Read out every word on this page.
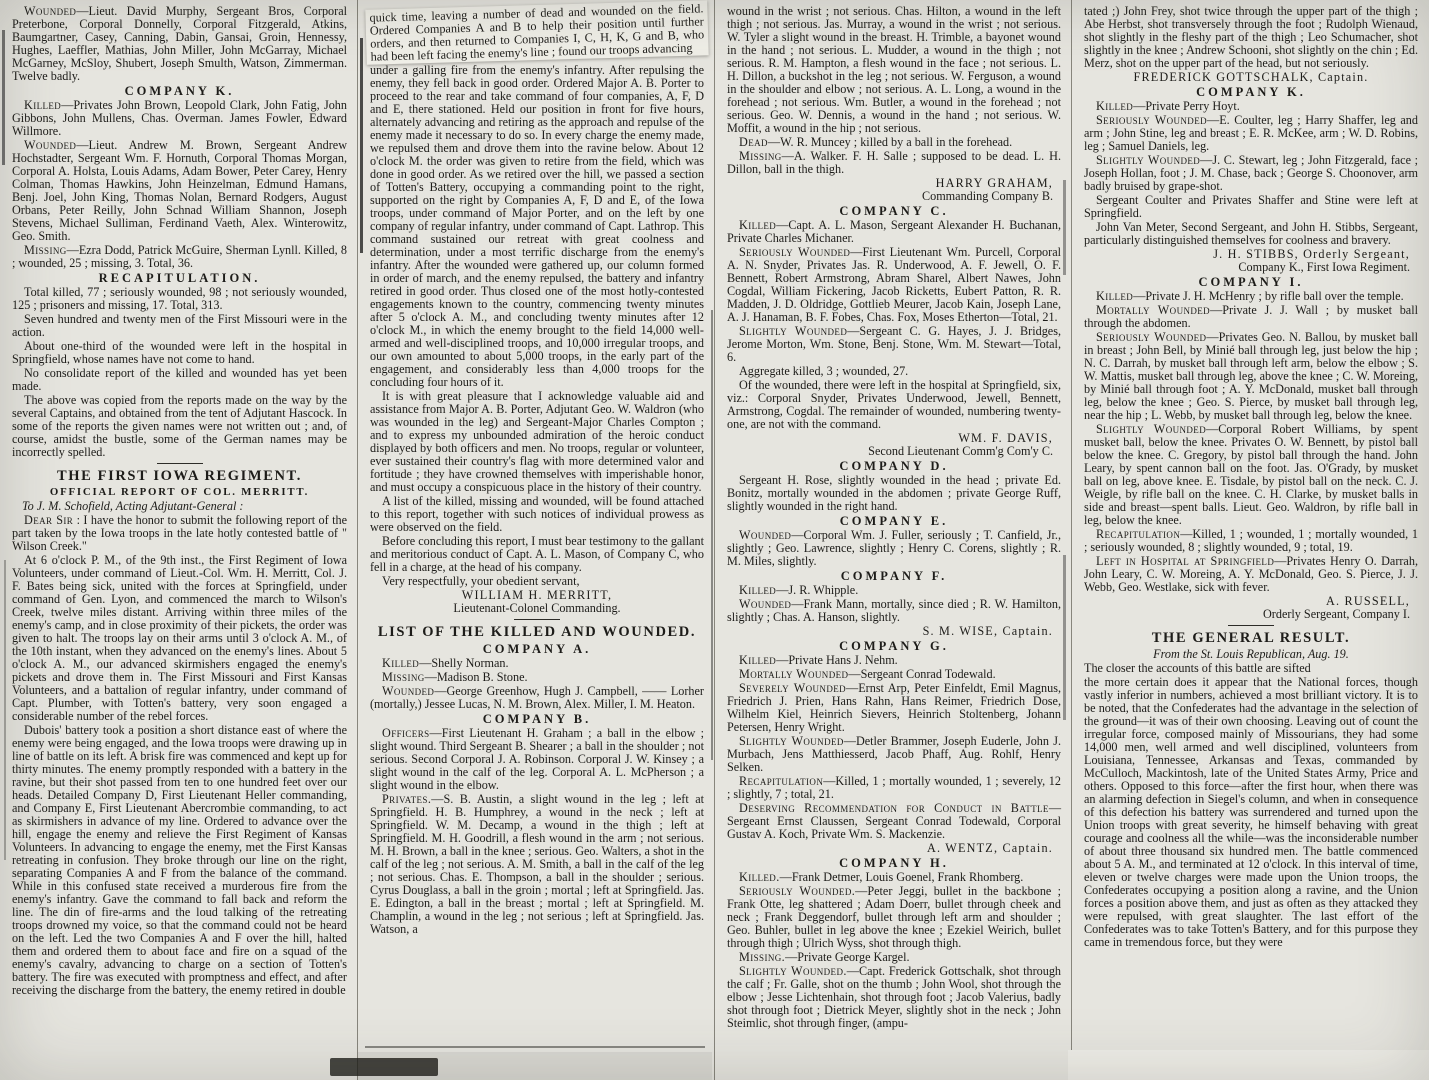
Wounded—Lieut. David Murphy, Sergeant Bros, Corporal Preterbone, Corporal Donnelly, Corporal Fitzgerald, Atkins, Baumgartner, Casey, Canning, Dabin, Gansai, Groin, Hennessy, Hughes, Laeffler, Mathias, John Miller, John McGarray, Michael McGarney, McSloy, Shubert, Joseph Smulth, Watson, Zimmerman. Twelve badly.
COMPANY K.
Killed—Privates John Brown, Leopold Clark, John Fatig, John Gibbons, John Mullens, Chas. Overman. James Fowler, Edward Willmore.
Wounded—Lieut. Andrew M. Brown, Sergeant Andrew Hochstadter, Sergeant Wm. F. Hornuth, Corporal Thomas Morgan, Corporal A. Holsta, Louis Adams, Adam Bower, Peter Carey, Henry Colman, Thomas Hawkins, John Heinzelman, Edmund Hamans, Benj. Joel, John King, Thomas Nolan, Bernard Rodgers, August Orbans, Peter Reilly, John Schnad William Shannon, Joseph Stevens, Michael Sulliman, Ferdinand Vaeth, Alex. Winterowitz, Geo. Smith.
Missing—Ezra Dodd, Patrick McGuire, Sherman Lynll. Killed, 8 ; wounded, 25 ; missing, 3. Total, 36.
RECAPITULATION.
Total killed, 77 ; seriously wounded, 98 ; not seriously wounded, 125 ; prisoners and missing, 17. Total, 313.
Seven hundred and twenty men of the First Missouri were in the action.
About one-third of the wounded were left in the hospital in Springfield, whose names have not come to hand.
No consolidate report of the killed and wounded has yet been made.
The above was copied from the reports made on the way by the several Captains, and obtained from the tent of Adjutant Hascock. In some of the reports the given names were not written out ; and, of course, amidst the bustle, some of the German names may be incorrectly spelled.
THE FIRST IOWA REGIMENT.
OFFICIAL REPORT OF COL. MERRITT.
To J. M. Schofield, Acting Adjutant-General :
Dear Sir : I have the honor to submit the following report of the part taken by the Iowa troops in the late hotly contested battle of " Wilson Creek."
At 6 o'clock P. M., of the 9th inst., the First Regiment of Iowa Volunteers, under command of Lieut.-Col. Wm. H. Merritt, Col. J. F. Bates being sick, united with the forces at Springfield, under command of Gen. Lyon, and commenced the march to Wilson's Creek, twelve miles distant. Arriving within three miles of the enemy's camp, and in close proximity of their pickets, the order was given to halt. The troops lay on their arms until 3 o'clock A. M., of the 10th instant, when they advanced on the enemy's lines. About 5 o'clock A. M., our advanced skirmishers engaged the enemy's pickets and drove them in. The First Missouri and First Kansas Volunteers, and a battalion of regular infantry, under command of Capt. Plumber, with Totten's battery, very soon engaged a considerable number of the rebel forces.
Dubois' battery took a position a short distance east of where the enemy were being engaged, and the Iowa troops were drawing up in line of battle on its left. A brisk fire was commenced and kept up for thirty minutes. The enemy promptly responded with a battery in the ravine, but their shot passed from ten to one hundred feet over our heads. Detailed Company D, First Lieutenant Heller commanding, and Company E, First Lieutenant Abercrombie commanding, to act as skirmishers in advance of my line. Ordered to advance over the hill, engage the enemy and relieve the First Regiment of Kansas Volunteers. In advancing to engage the enemy, met the First Kansas retreating in confusion. They broke through our line on the right, separating Companies A and F from the balance of the command. While in this confused state received a murderous fire from the enemy's infantry. Gave the command to fall back and reform the line. The din of fire-arms and the loud talking of the retreating troops drowned my voice, so that the command could not be heard on the left. Led the two Companies A and F over the hill, halted them and ordered them to about face and fire on a squad of the enemy's cavalry, advancing to charge on a section of Totten's battery. The fire was executed with promptness and effect, and after receiving the discharge from the battery, the enemy retired in double
quick time, leaving a number of dead and wounded on the field. Ordered Companies A and B to help their position until further orders, and then returned to Companies I, C, H, K, G and B, who had been left facing the enemy's line ; found our troops advancing
under a galling fire from the enemy's infantry. After repulsing the enemy, they fell back in good order. Ordered Major A. B. Porter to proceed to the rear and take command of four companies, A, F, D and E, there stationed. Held our position in front for five hours, alternately advancing and retiring as the approach and repulse of the enemy made it necessary to do so. In every charge the enemy made, we repulsed them and drove them into the ravine below. About 12 o'clock M. the order was given to retire from the field, which was done in good order. As we retired over the hill, we passed a section of Totten's Battery, occupying a commanding point to the right, supported on the right by Companies A, F, D and E, of the Iowa troops, under command of Major Porter, and on the left by one company of regular infantry, under command of Capt. Lathrop. This command sustained our retreat with great coolness and determination, under a most terrific discharge from the enemy's infantry. After the wounded were gathered up, our column formed in order of march, and the enemy repulsed, the battery and infantry retired in good order. Thus closed one of the most hotly-contested engagements known to the country, commencing twenty minutes after 5 o'clock A. M., and concluding twenty minutes after 12 o'clock M., in which the enemy brought to the field 14,000 well-armed and well-disciplined troops, and 10,000 irregular troops, and our own amounted to about 5,000 troops, in the early part of the engagement, and considerably less than 4,000 troops for the concluding four hours of it.
It is with great pleasure that I acknowledge valuable aid and assistance from Major A. B. Porter, Adjutant Geo. W. Waldron (who was wounded in the leg) and Sergeant-Major Charles Compton ; and to express my unbounded admiration of the heroic conduct displayed by both officers and men. No troops, regular or volunteer, ever sustained their country's flag with more determined valor and fortitude ; they have crowned themselves with imperishable honor, and must occupy a conspicuous place in the history of their country.
A list of the killed, missing and wounded, will be found attached to this report, together with such notices of individual prowess as were observed on the field.
Before concluding this report, I must bear testimony to the gallant and meritorious conduct of Capt. A. L. Mason, of Company C, who fell in a charge, at the head of his company.
Very respectfully, your obedient servant,
WILLIAM H. MERRITT,
Lieutenant-Colonel Commanding.
LIST OF THE KILLED AND WOUNDED.
COMPANY A.
Killed—Shelly Norman.
Missing—Madison B. Stone.
Wounded—George Greenhow, Hugh J. Campbell, —— Lorher (mortally,) Jessee Lucas, N. M. Brown, Alex. Miller, I. M. Heaton.
COMPANY B.
Officers—First Lieutenant H. Graham ; a ball in the elbow ; slight wound. Third Sergeant B. Shearer ; a ball in the shoulder ; not serious. Second Corporal J. A. Robinson. Corporal J. W. Kinsey ; a slight wound in the calf of the leg. Corporal A. L. McPherson ; a slight wound in the elbow.
Privates.—S. B. Austin, a slight wound in the leg ; left at Springfield. H. B. Humphrey, a wound in the neck ; left at Springfield. W. M. Decamp, a wound in the thigh ; left at Springfield. M. H. Goodrill, a flesh wound in the arm ; not serious. M. H. Brown, a ball in the knee ; serious. Geo. Walters, a shot in the calf of the leg ; not serious. A. M. Smith, a ball in the calf of the leg ; not serious. Chas. E. Thompson, a ball in the shoulder ; serious. Cyrus Douglass, a ball in the groin ; mortal ; left at Springfield. Jas. E. Edington, a ball in the breast ; mortal ; left at Springfield. M. Champlin, a wound in the leg ; not serious ; left at Springfield. Jas. Watson, a
wound in the wrist ; not serious. Chas. Hilton, a wound in the left thigh ; not serious. Jas. Murray, a wound in the wrist ; not serious. W. Tyler a slight wound in the breast. H. Trimble, a bayonet wound in the hand ; not serious. L. Mudder, a wound in the thigh ; not serious. R. M. Hampton, a flesh wound in the face ; not serious. L. H. Dillon, a buckshot in the leg ; not serious. W. Ferguson, a wound in the shoulder and elbow ; not serious. A. L. Long, a wound in the forehead ; not serious. Wm. Butler, a wound in the forehead ; not serious. Geo. W. Dennis, a wound in the hand ; not serious. W. Moffit, a wound in the hip ; not serious.
Dead—W. R. Muncey ; killed by a ball in the forehead.
Missing—A. Walker. F. H. Salle ; supposed to be dead. L. H. Dillon, ball in the thigh.
HARRY GRAHAM,
Commanding Company B.
COMPANY C.
Killed—Capt. A. L. Mason, Sergeant Alexander H. Buchanan, Private Charles Michaner.
Seriously Wounded—First Lieutenant Wm. Purcell, Corporal A. N. Snyder, Privates Jas. R. Underwood, A. F. Jewell, O. F. Bennett, Robert Armstrong, Abram Sharel, Albert Nawes, John Cogdal, William Fickering, Jacob Ricketts, Eubert Patton, R. R. Madden, J. D. Oldridge, Gottlieb Meurer, Jacob Kain, Joseph Lane, A. J. Hanaman, B. F. Fobes, Chas. Fox, Moses Etherton—Total, 21.
Slightly Wounded—Sergeant C. G. Hayes, J. J. Bridges, Jerome Morton, Wm. Stone, Benj. Stone, Wm. M. Stewart—Total, 6.
Aggregate killed, 3 ; wounded, 27.
Of the wounded, there were left in the hospital at Springfield, six, viz.: Corporal Snyder, Privates Underwood, Jewell, Bennett, Armstrong, Cogdal. The remainder of wounded, numbering twenty-one, are not with the command.
WM. F. DAVIS,
Second Lieutenant Comm'g Com'y C.
COMPANY D.
Sergeant H. Rose, slightly wounded in the head ; private Ed. Bonitz, mortally wounded in the abdomen ; private George Ruff, slightly wounded in the right hand.
COMPANY E.
Wounded—Corporal Wm. J. Fuller, seriously ; T. Canfield, Jr., slightly ; Geo. Lawrence, slightly ; Henry C. Corens, slightly ; R. M. Miles, slightly.
COMPANY F.
Killed—J. R. Whipple.
Wounded—Frank Mann, mortally, since died ; R. W. Hamilton, slightly ; Chas. A. Hanson, slightly.
S. M. WISE, Captain.
COMPANY G.
Killed—Private Hans J. Nehm.
Mortally Wounded—Sergeant Conrad Todewald.
Severely Wounded—Ernst Arp, Peter Einfeldt, Emil Magnus, Friedrich J. Prien, Hans Rahn, Hans Reimer, Friedrich Dose, Wilhelm Kiel, Heinrich Sievers, Heinrich Stoltenberg, Johann Petersen, Henry Wright.
Slightly Wounded—Detler Brammer, Joseph Euderle, John J. Murbach, Jens Matthiesserd, Jacob Phaff, Aug. Rohlf, Henry Selken.
Recapitulation—Killed, 1 ; mortally wounded, 1 ; severely, 12 ; slightly, 7 ; total, 21.
Deserving Recommendation for Conduct in Battle—Sergeant Ernst Claussen, Sergeant Conrad Todewald, Corporal Gustav A. Koch, Private Wm. S. Mackenzie.
A. WENTZ, Captain.
COMPANY H.
Killed.—Frank Detmer, Louis Goenel, Frank Rhomberg.
Seriously Wounded.—Peter Jeggi, bullet in the backbone ; Frank Otte, leg shattered ; Adam Doerr, bullet through cheek and neck ; Frank Deggendorf, bullet through left arm and shoulder ; Geo. Buhler, bullet in leg above the knee ; Ezekiel Weirich, bullet through thigh ; Ulrich Wyss, shot through thigh.
Missing.—Private George Kargel.
Slightly Wounded.—Capt. Frederick Gottschalk, shot through the calf ; Fr. Galle, shot on the thumb ; John Wool, shot through the elbow ; Jesse Lichtenhain, shot through foot ; Jacob Valerius, badly shot through foot ; Dietrick Meyer, slightly shot in the neck ; John Steimlic, shot through finger, (ampu-
tated ;) John Frey, shot twice through the upper part of the thigh ; Abe Herbst, shot transversely through the foot ; Rudolph Wienaud, shot slightly in the fleshy part of the thigh ; Leo Schumacher, shot slightly in the knee ; Andrew Schooni, shot slightly on the chin ; Ed. Merz, shot on the upper part of the head, but not seriously.
FREDERICK GOTTSCHALK, Captain.
COMPANY K.
Killed—Private Perry Hoyt.
Seriously Wounded—E. Coulter, leg ; Harry Shaffer, leg and arm ; John Stine, leg and breast ; E. R. McKee, arm ; W. D. Robins, leg ; Samuel Daniels, leg.
Slightly Wounded—J. C. Stewart, leg ; John Fitzgerald, face ; Joseph Hollan, foot ; J. M. Chase, back ; George S. Choonover, arm badly bruised by grape-shot.
Sergeant Coulter and Privates Shaffer and Stine were left at Springfield.
John Van Meter, Second Sergeant, and John H. Stibbs, Sergeant, particularly distinguished themselves for coolness and bravery.
J. H. STIBBS, Orderly Sergeant,
Company K., First Iowa Regiment.
COMPANY I.
Killed—Private J. H. McHenry ; by rifle ball over the temple.
Mortally Wounded—Private J. J. Wall ; by musket ball through the abdomen.
Seriously Wounded—Privates Geo. N. Ballou, by musket ball in breast ; John Bell, by Minié ball through leg, just below the hip ; N. C. Darrah, by musket ball through left arm, below the elbow ; S. W. Mattis, musket ball through leg, above the knee ; C. W. Moreing, by Minié ball through foot ; A. Y. McDonald, musket ball through leg, below the knee ; Geo. S. Pierce, by musket ball through leg, near the hip ; L. Webb, by musket ball through leg, below the knee.
Slightly Wounded—Corporal Robert Williams, by spent musket ball, below the knee. Privates O. W. Bennett, by pistol ball below the knee. C. Gregory, by pistol ball through the hand. John Leary, by spent cannon ball on the foot. Jas. O'Grady, by musket ball on leg, above knee. E. Tisdale, by pistol ball on the neck. C. J. Weigle, by rifle ball on the knee. C. H. Clarke, by musket balls in side and breast—spent balls. Lieut. Geo. Waldron, by rifle ball in leg, below the knee.
Recapitulation—Killed, 1 ; wounded, 1 ; mortally wounded, 1 ; seriously wounded, 8 ; slightly wounded, 9 ; total, 19.
Left in Hospital at Springfield—Privates Henry O. Darrah, John Leary, C. W. Moreing, A. Y. McDonald, Geo. S. Pierce, J. J. Webb, Geo. Westlake, sick with fever.
A. RUSSELL,
Orderly Sergeant, Company I.
THE GENERAL RESULT.
From the St. Louis Republican, Aug. 19.
The closer the accounts of this battle are sifted
the more certain does it appear that the National forces, though vastly inferior in numbers, achieved a most brilliant victory. It is to be noted, that the Confederates had the advantage in the selection of the ground—it was of their own choosing. Leaving out of count the irregular force, composed mainly of Missourians, they had some 14,000 men, well armed and well disciplined, volunteers from Louisiana, Tennessee, Arkansas and Texas, commanded by McCulloch, Mackintosh, late of the United States Army, Price and others. Opposed to this force—after the first hour, when there was an alarming defection in Siegel's column, and when in consequence of this defection his battery was surrendered and turned upon the Union troops with great severity, he himself behaving with great courage and coolness all the while—was the inconsiderable number of about three thousand six hundred men. The battle commenced about 5 A. M., and terminated at 12 o'clock. In this interval of time, eleven or twelve charges were made upon the Union troops, the Confederates occupying a position along a ravine, and the Union forces a position above them, and just as often as they attacked they were repulsed, with great slaughter. The last effort of the Confederates was to take Totten's Battery, and for this purpose they came in tremendous force, but they were
